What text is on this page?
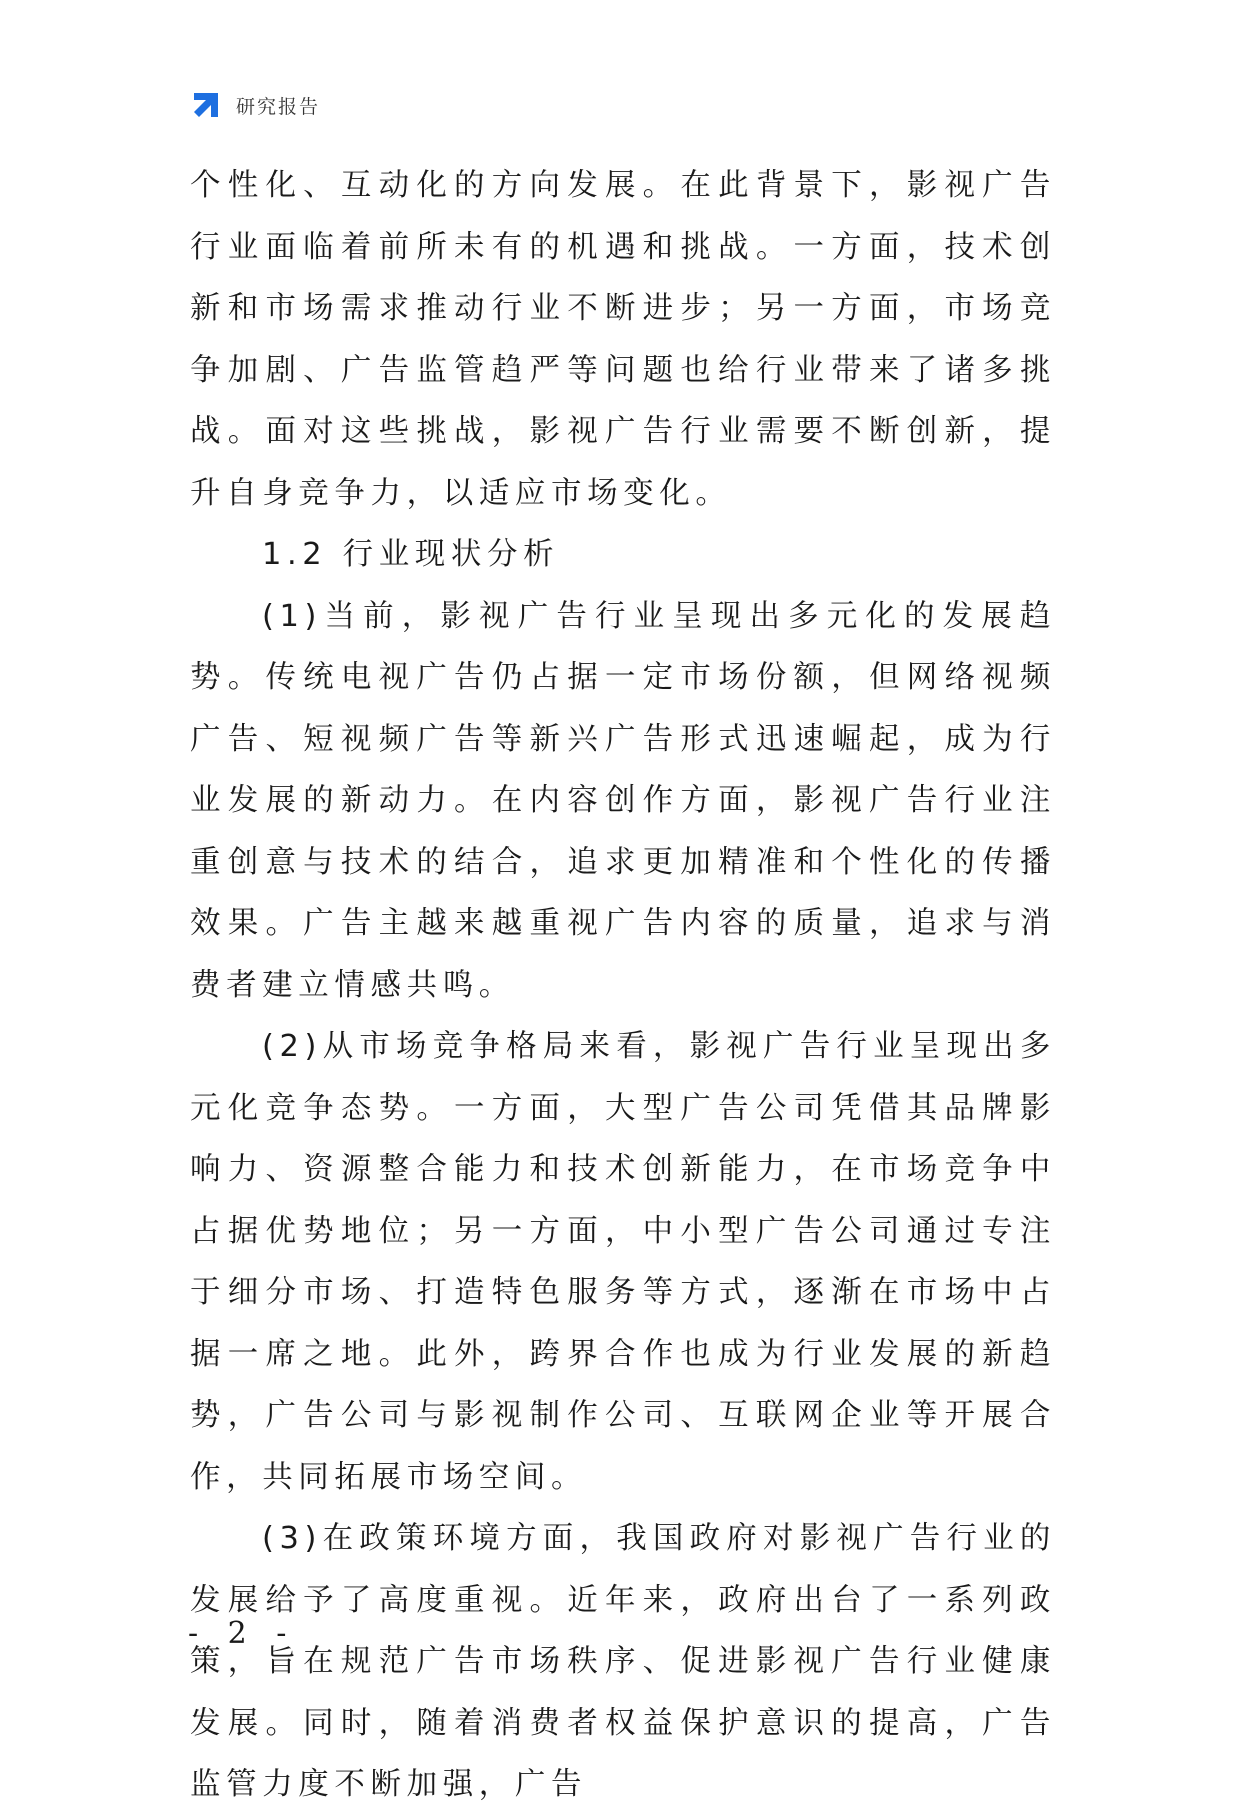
研究报告

个性化、互动化的方向发展。在此背景下，影视广告行业面临着前所未有的机遇和挑战。一方面，技术创新和市场需求推动行业不断进步；另一方面，市场竞争加剧、广告监管趋严等问题也给行业带来了诸多挑战。面对这些挑战，影视广告行业需要不断创新，提升自身竞争力，以适应市场变化。

1.2 行业现状分析

(1)当前，影视广告行业呈现出多元化的发展趋势。传统电视广告仍占据一定市场份额，但网络视频广告、短视频广告等新兴广告形式迅速崛起，成为行业发展的新动力。在内容创作方面，影视广告行业注重创意与技术的结合，追求更加精准和个性化的传播效果。广告主越来越重视广告内容的质量，追求与消费者建立情感共鸣。

(2)从市场竞争格局来看，影视广告行业呈现出多元化竞争态势。一方面，大型广告公司凭借其品牌影响力、资源整合能力和技术创新能力，在市场竞争中占据优势地位；另一方面，中小型广告公司通过专注于细分市场、打造特色服务等方式，逐渐在市场中占据一席之地。此外，跨界合作也成为行业发展的新趋势，广告公司与影视制作公司、互联网企业等开展合作，共同拓展市场空间。

(3)在政策环境方面，我国政府对影视广告行业的发展给予了高度重视。近年来，政府出台了一系列政策，旨在规范广告市场秩序、促进影视广告行业健康发展。同时，随着消费者权益保护意识的提高，广告监管力度不断加强，广告

- 2 -
